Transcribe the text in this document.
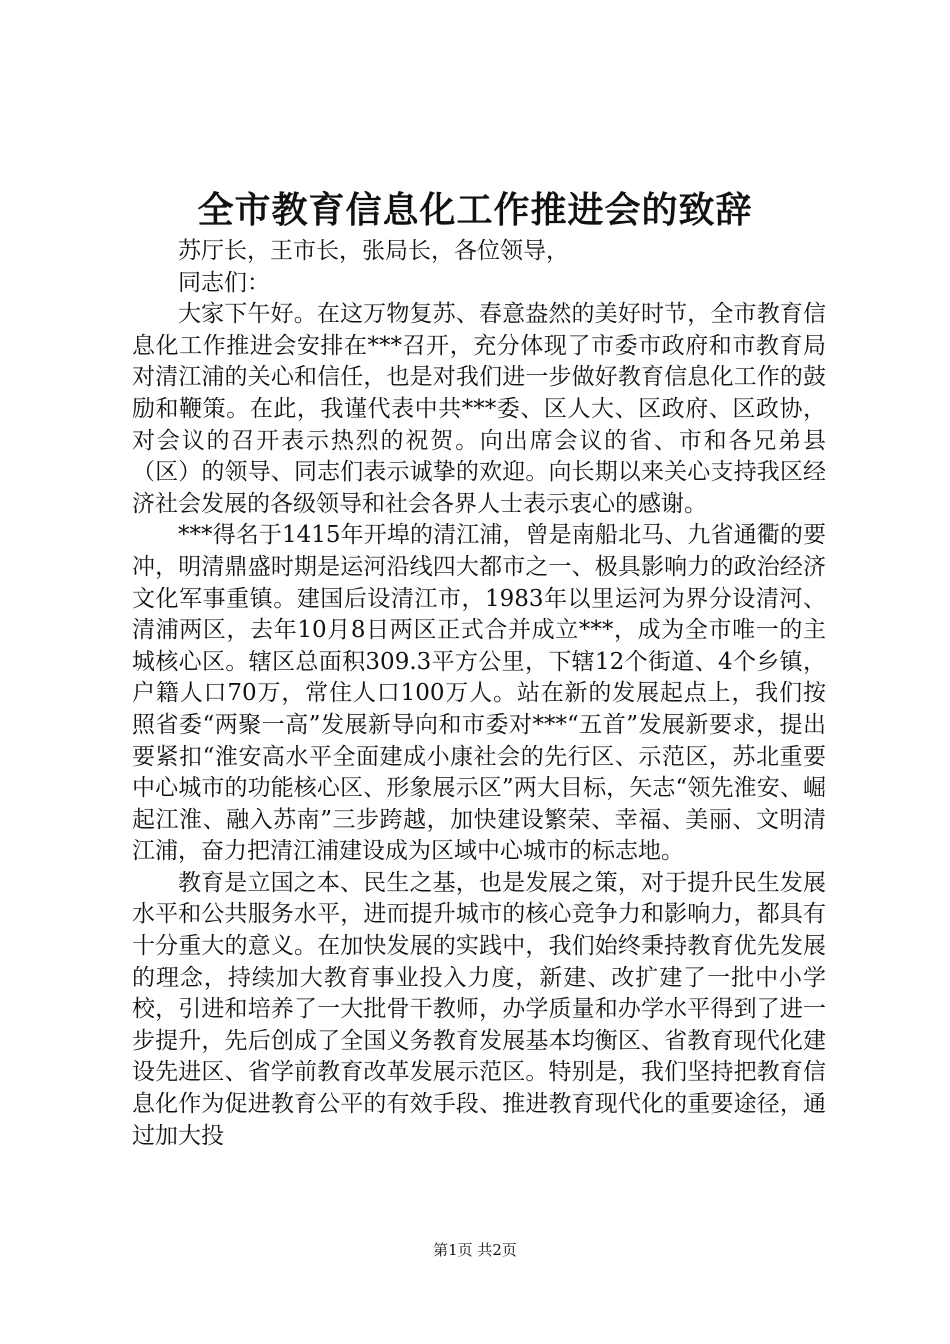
全市教育信息化工作推进会的致辞

苏厅长，王市长，张局长，各位领导，

同志们：

大家下午好。在这万物复苏、春意盎然的美好时节，全市教育信息化工作推进会安排在***召开，充分体现了市委市政府和市教育局对清江浦的关心和信任，也是对我们进一步做好教育信息化工作的鼓励和鞭策。在此，我谨代表中共***委、区人大、区政府、区政协，对会议的召开表示热烈的祝贺。向出席会议的省、市和各兄弟县（区）的领导、同志们表示诚挚的欢迎。向长期以来关心支持我区经济社会发展的各级领导和社会各界人士表示衷心的感谢。

***得名于1415年开埠的清江浦，曾是南船北马、九省通衢的要冲，明清鼎盛时期是运河沿线四大都市之一、极具影响力的政治经济文化军事重镇。建国后设清江市，1983年以里运河为界分设清河、清浦两区，去年10月8日两区正式合并成立***，成为全市唯一的主城核心区。辖区总面积309.3平方公里，下辖12个街道、4个乡镇，户籍人口70万，常住人口100万人。站在新的发展起点上，我们按照省委“两聚一高”发展新导向和市委对***“五首”发展新要求，提出要紧扣“淮安高水平全面建成小康社会的先行区、示范区，苏北重要中心城市的功能核心区、形象展示区”两大目标，矢志“领先淮安、崛起江淮、融入苏南”三步跨越，加快建设繁荣、幸福、美丽、文明清江浦，奋力把清江浦建设成为区域中心城市的标志地。

教育是立国之本、民生之基，也是发展之策，对于提升民生发展水平和公共服务水平，进而提升城市的核心竞争力和影响力，都具有十分重大的意义。在加快发展的实践中，我们始终秉持教育优先发展的理念，持续加大教育事业投入力度，新建、改扩建了一批中小学校，引进和培养了一大批骨干教师，办学质量和办学水平得到了进一步提升，先后创成了全国义务教育发展基本均衡区、省教育现代化建设先进区、省学前教育改革发展示范区。特别是，我们坚持把教育信息化作为促进教育公平的有效手段、推进教育现代化的重要途径，通过加大投

第1页 共2页
